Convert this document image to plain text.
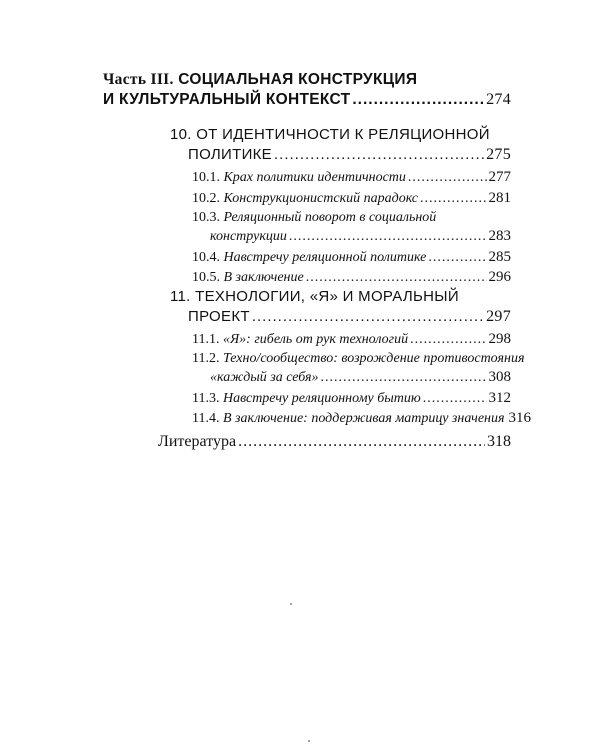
Часть III. СОЦИАЛЬНАЯ КОНСТРУКЦИЯ
И КУЛЬТУРАЛЬНЫЙ КОНТЕКСТ .....	274
10. ОТ ИДЕНТИЧНОСТИ К РЕЛЯЦИОННОЙ
ПОЛИТИКЕ .....	275
10.1. Крах политики идентичности .....	277
10.2. Конструкционистский парадокс .....	281
10.3. Реляционный поворот в социальной
конструкции .....	283
10.4. Навстречу реляционной политике .....	285
10.5. В заключение .....	296
11. ТЕХНОЛОГИИ, «Я» И МОРАЛЬНЫЙ
ПРОЕКТ .....	297
11.1. «Я»: гибель от рук технологий .....	298
11.2. Техно/сообщество: возрождение противостояния
«каждый за себя» .....	308
11.3. Навстречу реляционному бытию .....	312
11.4. В заключение: поддерживая матрицу значения 316
Литература .....	318
